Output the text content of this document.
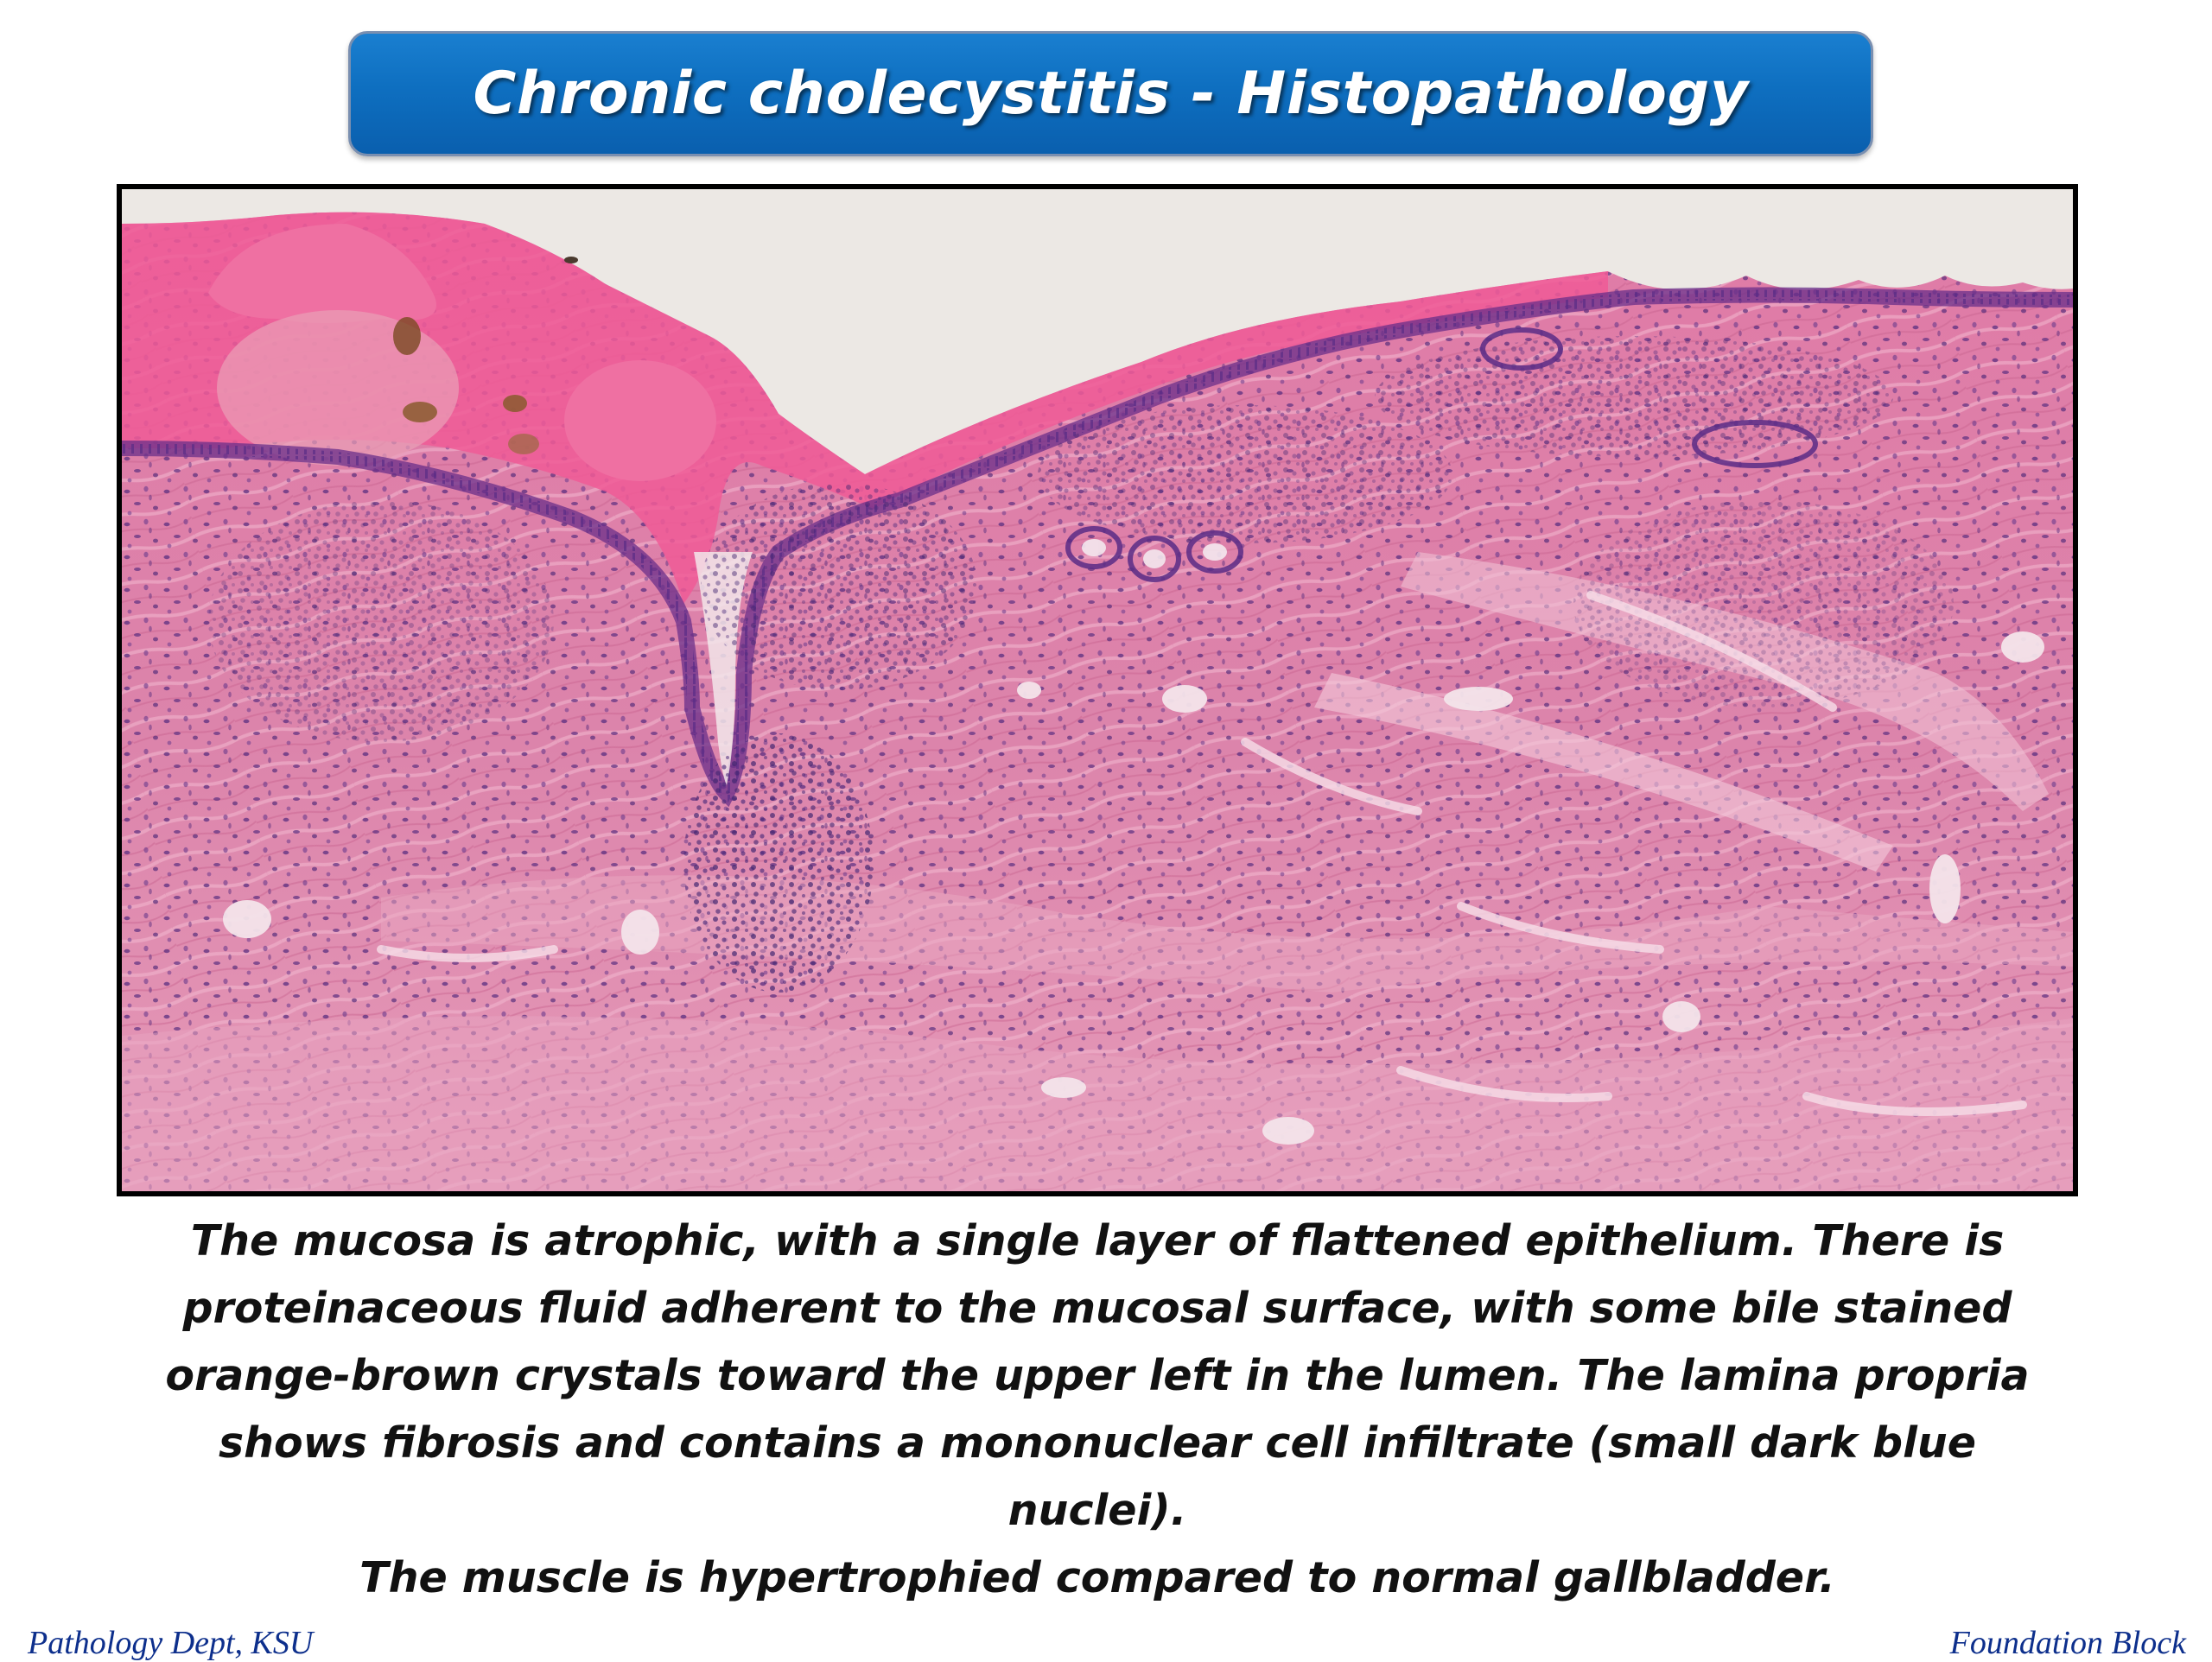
Chronic cholecystitis - Histopathology

The mucosa is atrophic, with a single layer of flattened epithelium. There is proteinaceous fluid adherent to the mucosal surface, with some bile stained orange-brown crystals toward the upper left in the lumen. The lamina propria shows fibrosis and contains a mononuclear cell infiltrate (small dark blue nuclei).

The muscle is hypertrophied compared to normal gallbladder.

Pathology Dept, KSU	Foundation Block
